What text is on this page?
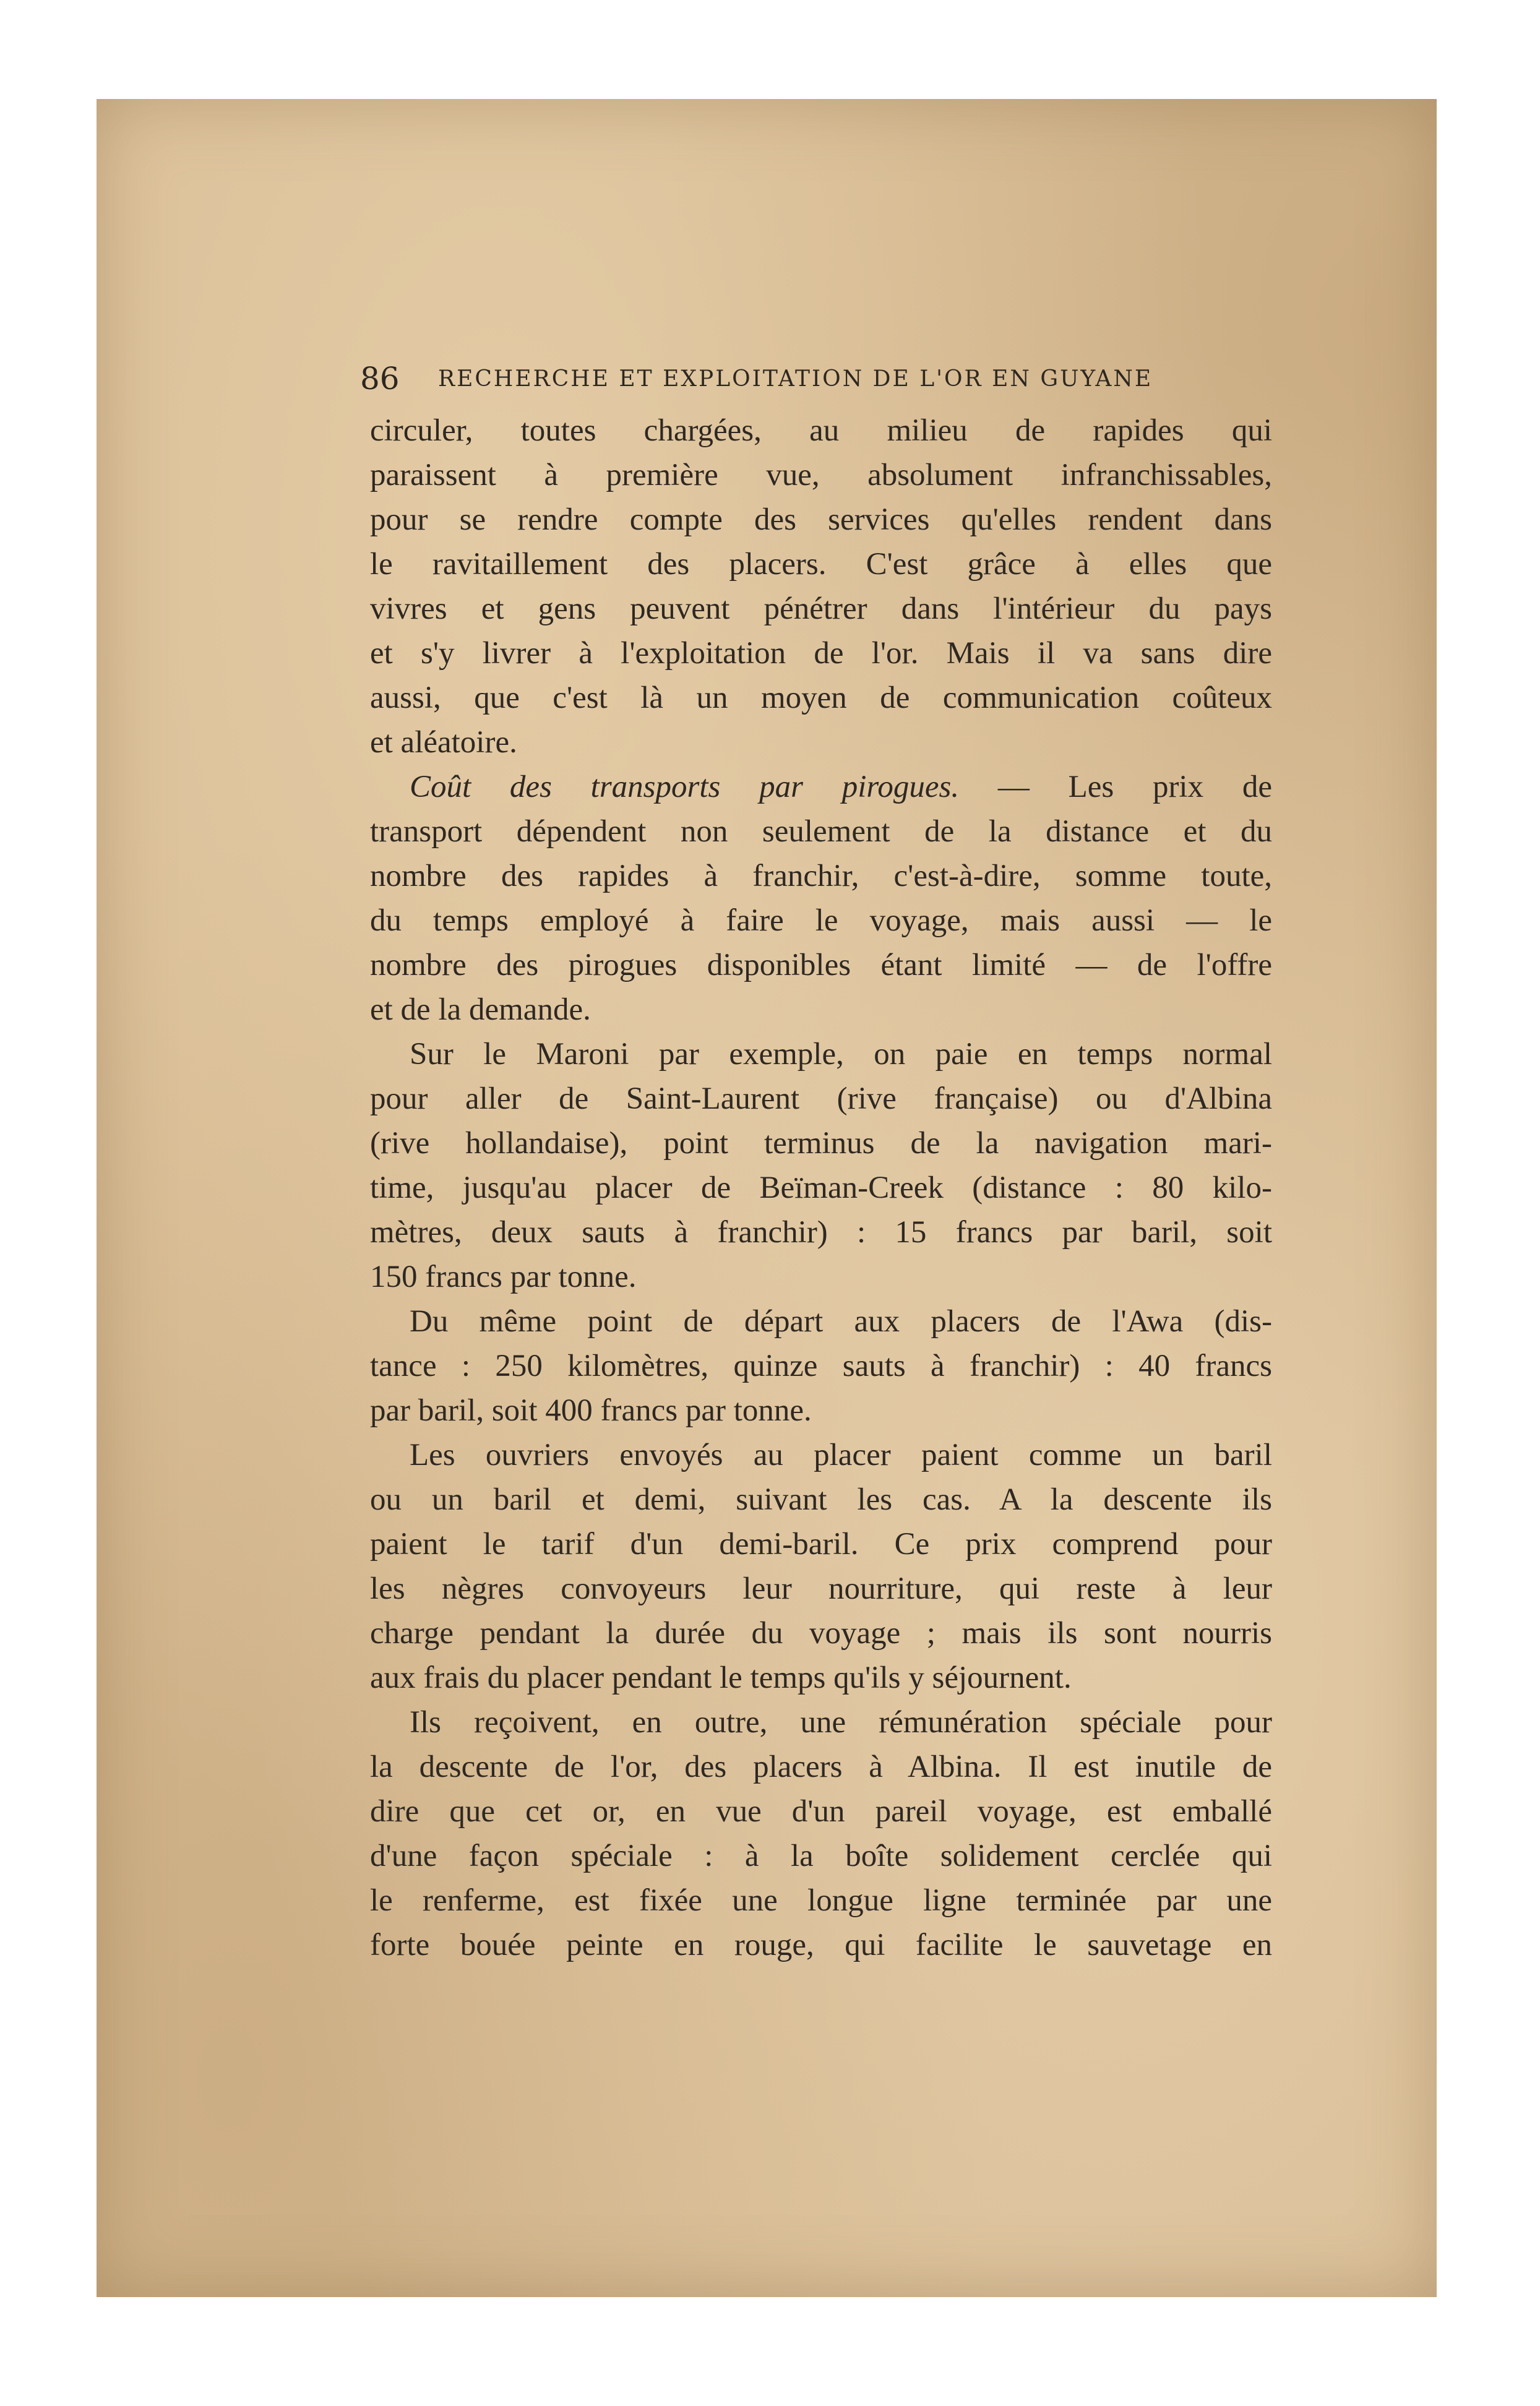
86 RECHERCHE ET EXPLOITATION DE L'OR EN GUYANE
circuler, toutes chargées, au milieu de rapides qui
paraissent à première vue, absolument infranchissables,
pour se rendre compte des services qu'elles rendent dans
le ravitaillement des placers. C'est grâce à elles que
vivres et gens peuvent pénétrer dans l'intérieur du pays
et s'y livrer à l'exploitation de l'or. Mais il va sans dire
aussi, que c'est là un moyen de communication coûteux
et aléatoire.
Coût des transports par pirogues. — Les prix de
transport dépendent non seulement de la distance et du
nombre des rapides à franchir, c'est-à-dire, somme toute,
du temps employé à faire le voyage, mais aussi — le
nombre des pirogues disponibles étant limité — de l'offre
et de la demande.
Sur le Maroni par exemple, on paie en temps normal
pour aller de Saint-Laurent (rive française) ou d'Albina
(rive hollandaise), point terminus de la navigation mari-
time, jusqu'au placer de Beïman-Creek (distance : 80 kilo-
mètres, deux sauts à franchir) : 15 francs par baril, soit
150 francs par tonne.
Du même point de départ aux placers de l'Awa (dis-
tance : 250 kilomètres, quinze sauts à franchir) : 40 francs
par baril, soit 400 francs par tonne.
Les ouvriers envoyés au placer paient comme un baril
ou un baril et demi, suivant les cas. A la descente ils
paient le tarif d'un demi-baril. Ce prix comprend pour
les nègres convoyeurs leur nourriture, qui reste à leur
charge pendant la durée du voyage ; mais ils sont nourris
aux frais du placer pendant le temps qu'ils y séjournent.
Ils reçoivent, en outre, une rémunération spéciale pour
la descente de l'or, des placers à Albina. Il est inutile de
dire que cet or, en vue d'un pareil voyage, est emballé
d'une façon spéciale : à la boîte solidement cerclée qui
le renferme, est fixée une longue ligne terminée par une
forte bouée peinte en rouge, qui facilite le sauvetage en
